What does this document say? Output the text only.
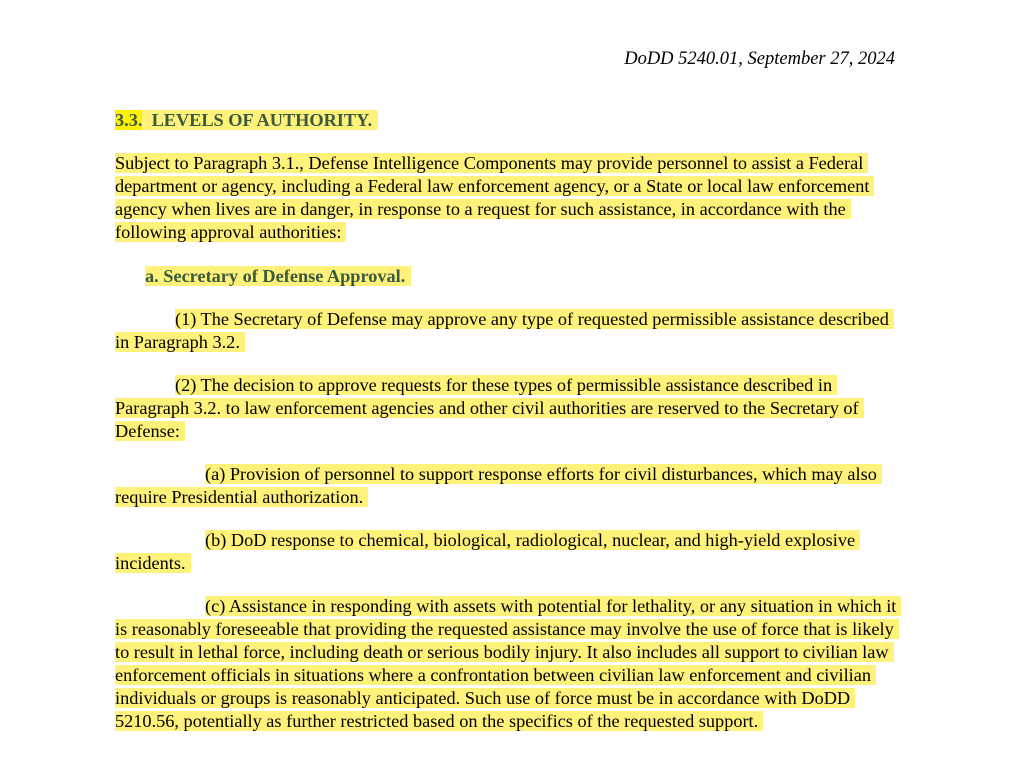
DoDD 5240.01, September 27, 2024
3.3. LEVELS OF AUTHORITY.
Subject to Paragraph 3.1., Defense Intelligence Components may provide personnel to assist a Federal department or agency, including a Federal law enforcement agency, or a State or local law enforcement agency when lives are in danger, in response to a request for such assistance, in accordance with the following approval authorities:
a. Secretary of Defense Approval.
(1) The Secretary of Defense may approve any type of requested permissible assistance described in Paragraph 3.2.
(2) The decision to approve requests for these types of permissible assistance described in Paragraph 3.2. to law enforcement agencies and other civil authorities are reserved to the Secretary of Defense:
(a) Provision of personnel to support response efforts for civil disturbances, which may also require Presidential authorization.
(b) DoD response to chemical, biological, radiological, nuclear, and high-yield explosive incidents.
(c) Assistance in responding with assets with potential for lethality, or any situation in which it is reasonably foreseeable that providing the requested assistance may involve the use of force that is likely to result in lethal force, including death or serious bodily injury. It also includes all support to civilian law enforcement officials in situations where a confrontation between civilian law enforcement and civilian individuals or groups is reasonably anticipated. Such use of force must be in accordance with DoDD 5210.56, potentially as further restricted based on the specifics of the requested support.
